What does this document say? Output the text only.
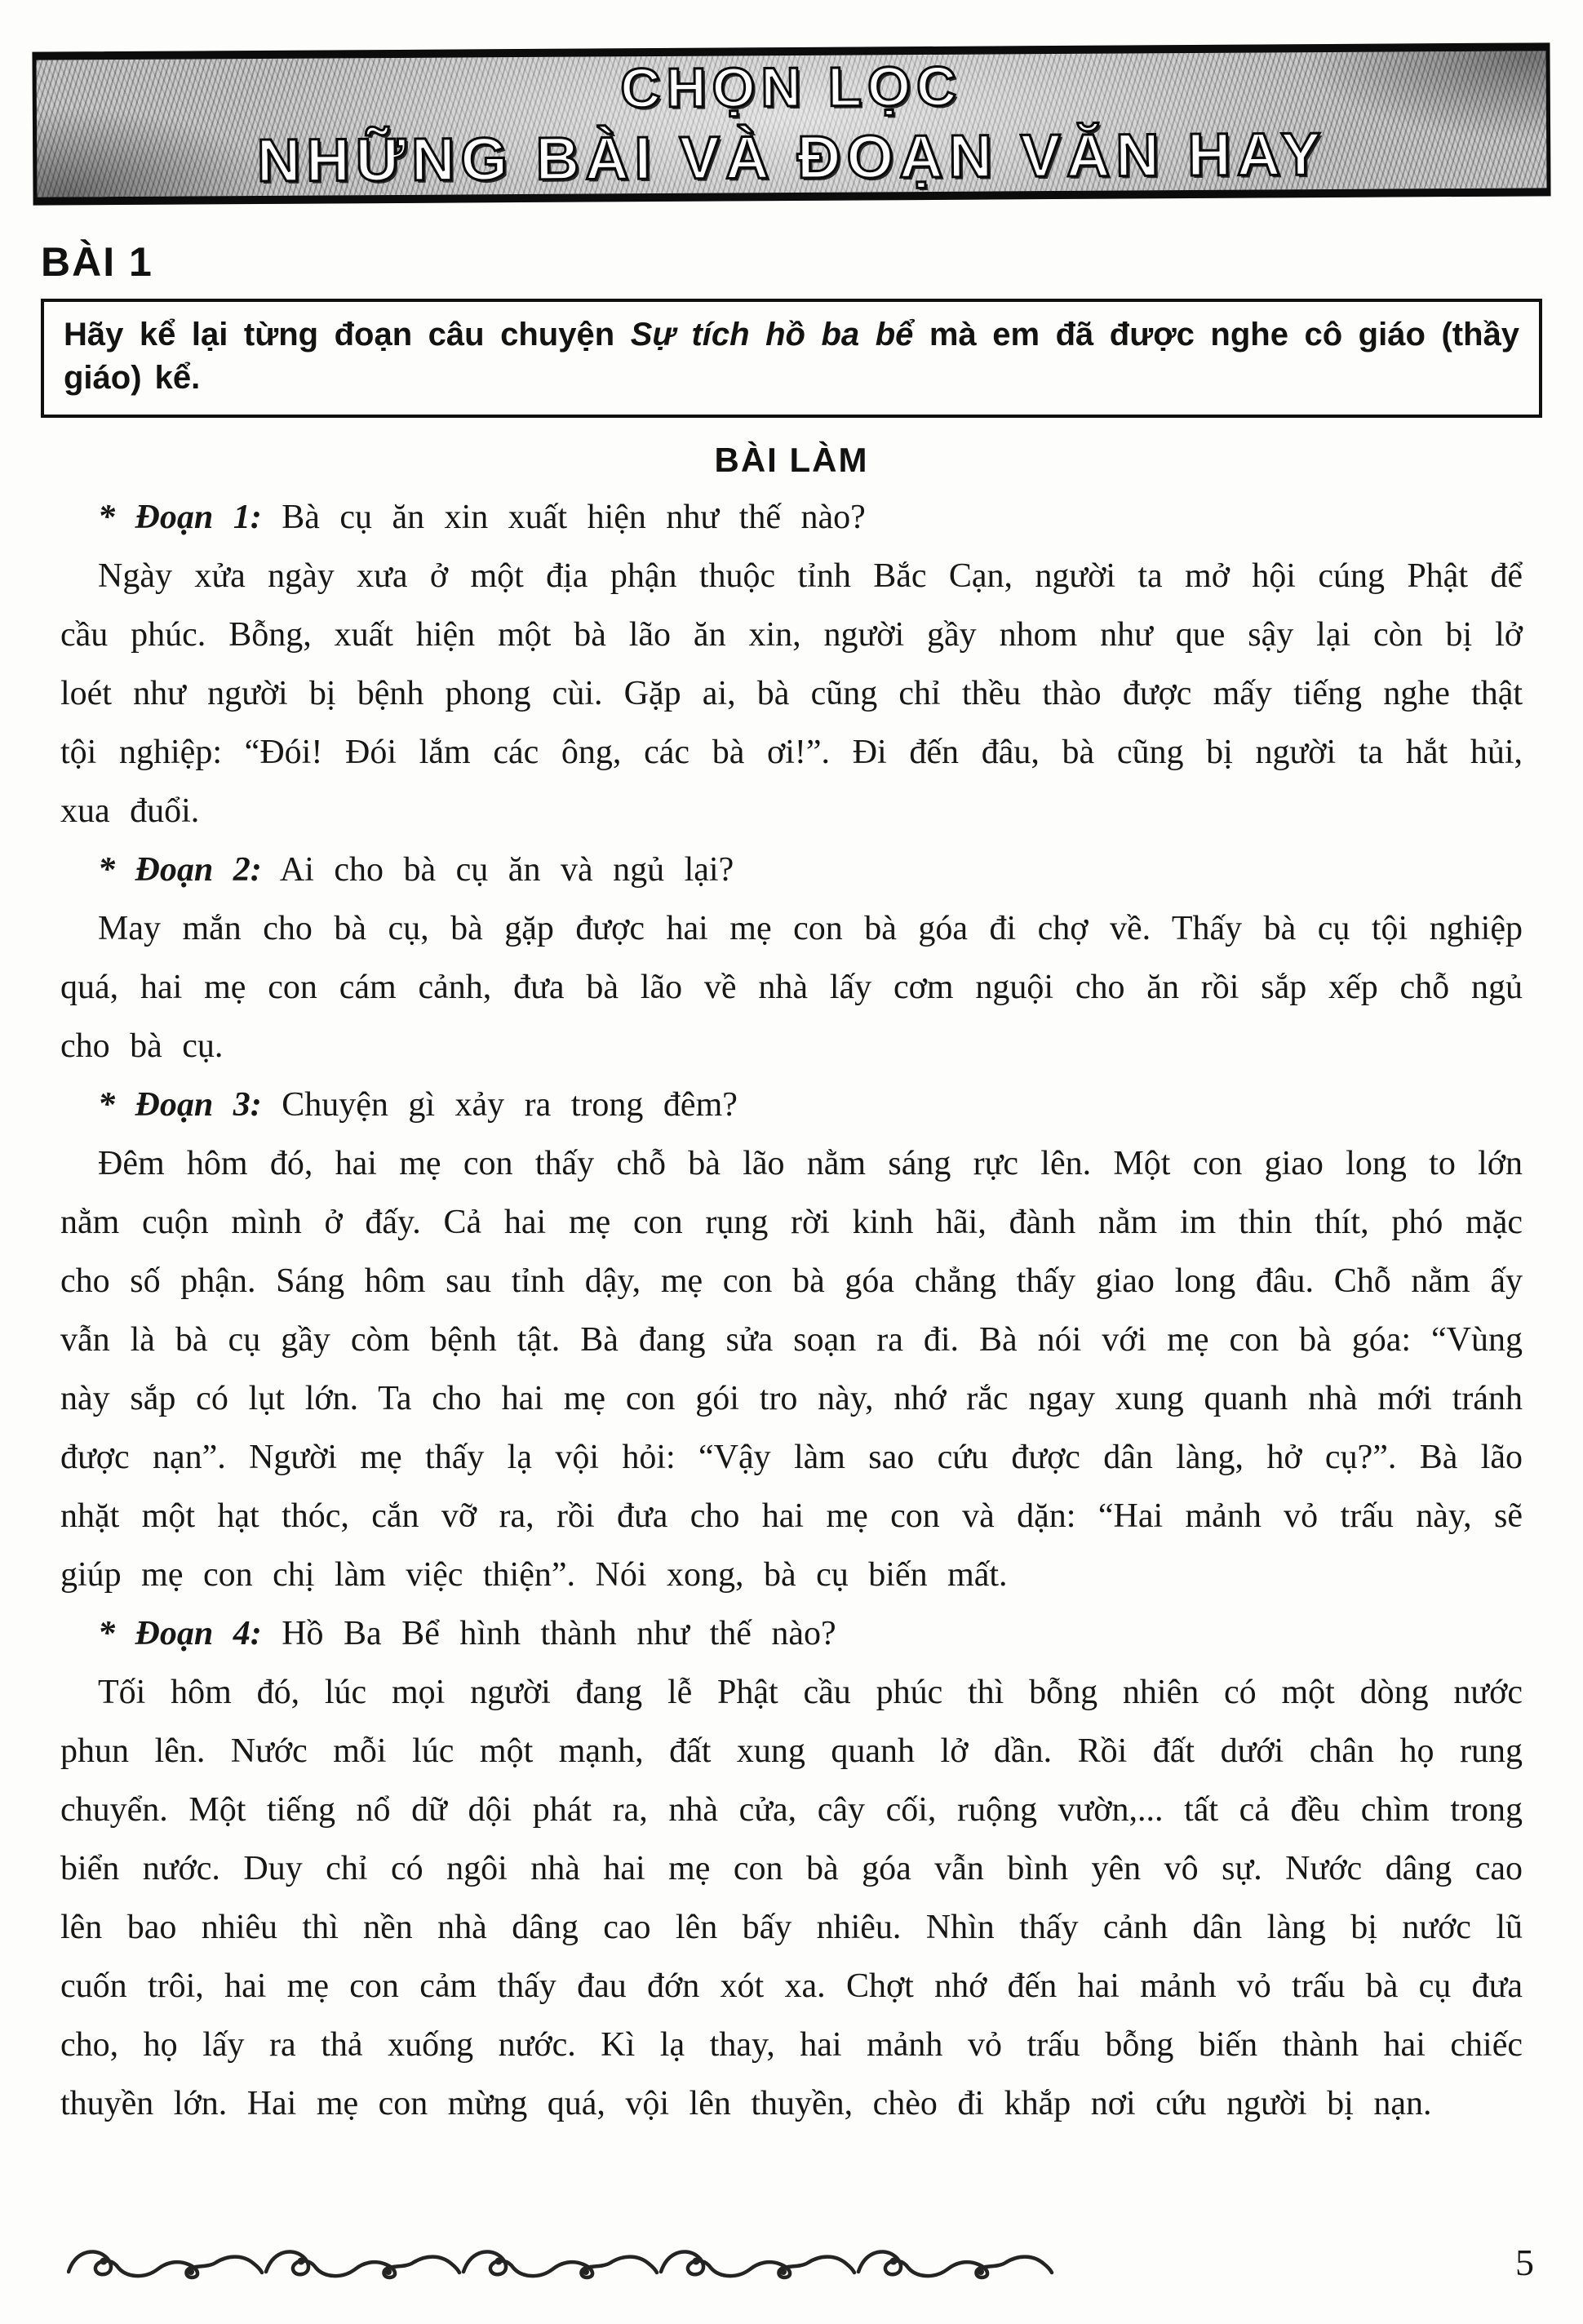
CHỌN LỌC
NHỮNG BÀI VÀ ĐOẠN VĂN HAY
BÀI 1
Hãy kể lại từng đoạn câu chuyện Sự tích hồ ba bể mà em đã được nghe cô giáo (thầy giáo) kể.
BÀI LÀM

* Đoạn 1: Bà cụ ăn xin xuất hiện như thế nào?

Ngày xửa ngày xưa ở một địa phận thuộc tỉnh Bắc Cạn, người ta mở hội cúng Phật để cầu phúc. Bỗng, xuất hiện một bà lão ăn xin, người gầy nhom như que sậy lại còn bị lở loét như người bị bệnh phong cùi. Gặp ai, bà cũng chỉ thều thào được mấy tiếng nghe thật tội nghiệp: “Đói! Đói lắm các ông, các bà ơi!”. Đi đến đâu, bà cũng bị người ta hắt hủi, xua đuổi.

* Đoạn 2: Ai cho bà cụ ăn và ngủ lại?

May mắn cho bà cụ, bà gặp được hai mẹ con bà góa đi chợ về. Thấy bà cụ tội nghiệp quá, hai mẹ con cám cảnh, đưa bà lão về nhà lấy cơm nguội cho ăn rồi sắp xếp chỗ ngủ cho bà cụ.

* Đoạn 3: Chuyện gì xảy ra trong đêm?

Đêm hôm đó, hai mẹ con thấy chỗ bà lão nằm sáng rực lên. Một con giao long to lớn nằm cuộn mình ở đấy. Cả hai mẹ con rụng rời kinh hãi, đành nằm im thin thít, phó mặc cho số phận. Sáng hôm sau tỉnh dậy, mẹ con bà góa chẳng thấy giao long đâu. Chỗ nằm ấy vẫn là bà cụ gầy còm bệnh tật. Bà đang sửa soạn ra đi. Bà nói với mẹ con bà góa: “Vùng này sắp có lụt lớn. Ta cho hai mẹ con gói tro này, nhớ rắc ngay xung quanh nhà mới tránh được nạn”. Người mẹ thấy lạ vội hỏi: “Vậy làm sao cứu được dân làng, hở cụ?”. Bà lão nhặt một hạt thóc, cắn vỡ ra, rồi đưa cho hai mẹ con và dặn: “Hai mảnh vỏ trấu này, sẽ giúp mẹ con chị làm việc thiện”. Nói xong, bà cụ biến mất.

* Đoạn 4: Hồ Ba Bể hình thành như thế nào?

Tối hôm đó, lúc mọi người đang lễ Phật cầu phúc thì bỗng nhiên có một dòng nước phun lên. Nước mỗi lúc một mạnh, đất xung quanh lở dần. Rồi đất dưới chân họ rung chuyển. Một tiếng nổ dữ dội phát ra, nhà cửa, cây cối, ruộng vườn,... tất cả đều chìm trong biển nước. Duy chỉ có ngôi nhà hai mẹ con bà góa vẫn bình yên vô sự. Nước dâng cao lên bao nhiêu thì nền nhà dâng cao lên bấy nhiêu. Nhìn thấy cảnh dân làng bị nước lũ cuốn trôi, hai mẹ con cảm thấy đau đớn xót xa. Chợt nhớ đến hai mảnh vỏ trấu bà cụ đưa cho, họ lấy ra thả xuống nước. Kì lạ thay, hai mảnh vỏ trấu bỗng biến thành hai chiếc thuyền lớn. Hai mẹ con mừng quá, vội lên thuyền, chèo đi khắp nơi cứu người bị nạn.

5
